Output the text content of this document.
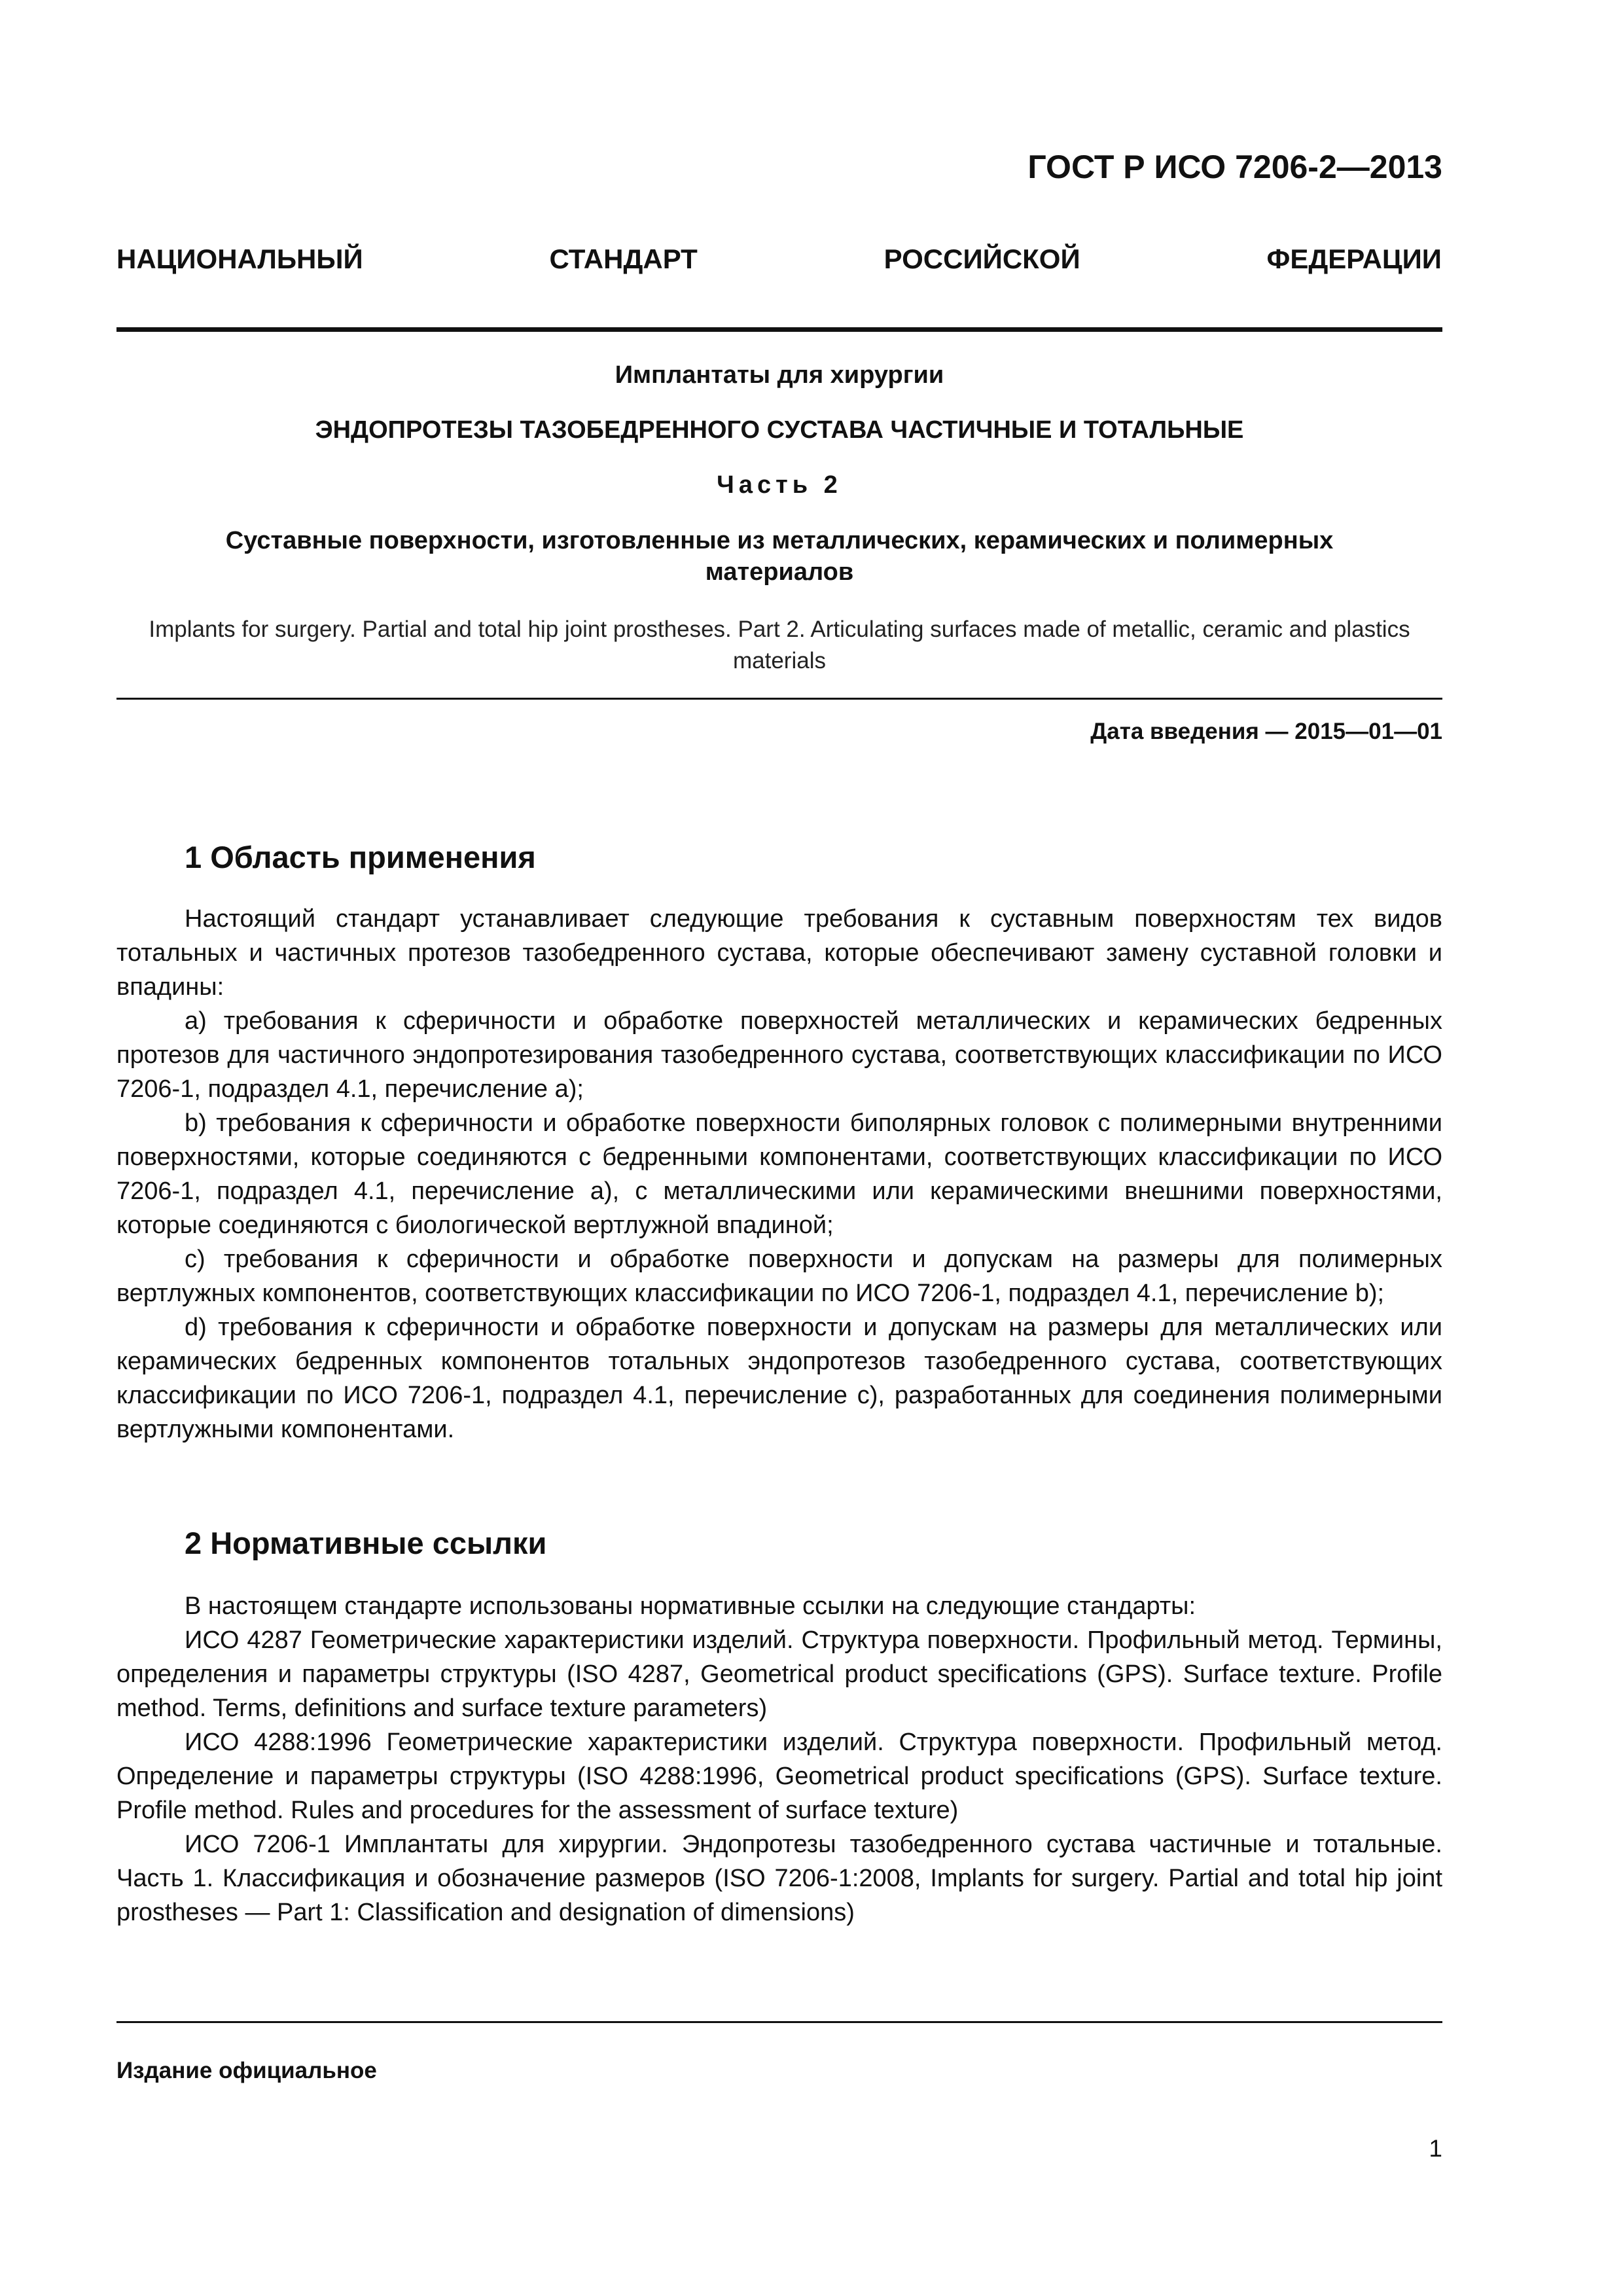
ГОСТ Р ИСО 7206-2—2013
НАЦИОНАЛЬНЫЙ	СТАНДАРТ	РОССИЙСКОЙ	ФЕДЕРАЦИИ
Имплантаты для хирургии
ЭНДОПРОТЕЗЫ ТАЗОБЕДРЕННОГО СУСТАВА ЧАСТИЧНЫЕ И ТОТАЛЬНЫЕ
Часть 2
Суставные поверхности, изготовленные из металлических, керамических и полимерных материалов
Implants for surgery. Partial and total hip joint prostheses. Part 2. Articulating surfaces made of metallic, ceramic and plastics materials
Дата введения — 2015—01—01
1 Область применения

Настоящий стандарт устанавливает следующие требования к суставным поверхностям тех видов тотальных и частичных протезов тазобедренного сустава, которые обеспечивают замену суставной головки и впадины:

a) требования к сферичности и обработке поверхностей металлических и керамических бедренных протезов для частичного эндопротезирования тазобедренного сустава, соответствующих классификации по ИСО 7206-1, подраздел 4.1, перечисление а);

b) требования к сферичности и обработке поверхности биполярных головок с полимерными внутренними поверхностями, которые соединяются с бедренными компонентами, соответствующих классификации по ИСО 7206-1, подраздел 4.1, перечисление а), с металлическими или керамическими внешними поверхностями, которые соединяются с биологической вертлужной впадиной;

c) требования к сферичности и обработке поверхности и допускам на размеры для полимерных вертлужных компонентов, соответствующих классификации по ИСО 7206-1, подраздел 4.1, перечисление b);

d) требования к сферичности и обработке поверхности и допускам на размеры для металлических или керамических бедренных компонентов тотальных эндопротезов тазобедренного сустава, соответствующих классификации по ИСО 7206-1, подраздел 4.1, перечисление с), разработанных для соединения полимерными вертлужными компонентами.

2 Нормативные ссылки

В настоящем стандарте использованы нормативные ссылки на следующие стандарты:

ИСО 4287 Геометрические характеристики изделий. Структура поверхности. Профильный метод. Термины, определения и параметры структуры (ISO 4287, Geometrical product specifications (GPS). Surface texture. Profile method. Terms, definitions and surface texture parameters)

ИСО 4288:1996 Геометрические характеристики изделий. Структура поверхности. Профильный метод. Определение и параметры структуры (ISO 4288:1996, Geometrical product specifications (GPS). Surface texture. Profile method. Rules and procedures for the assessment of surface texture)

ИСО 7206-1 Имплантаты для хирургии. Эндопротезы тазобедренного сустава частичные и тотальные. Часть 1. Классификация и обозначение размеров (ISO 7206-1:2008, Implants for surgery. Partial and total hip joint prostheses — Part 1: Classification and designation of dimensions)

Издание официальное
1
